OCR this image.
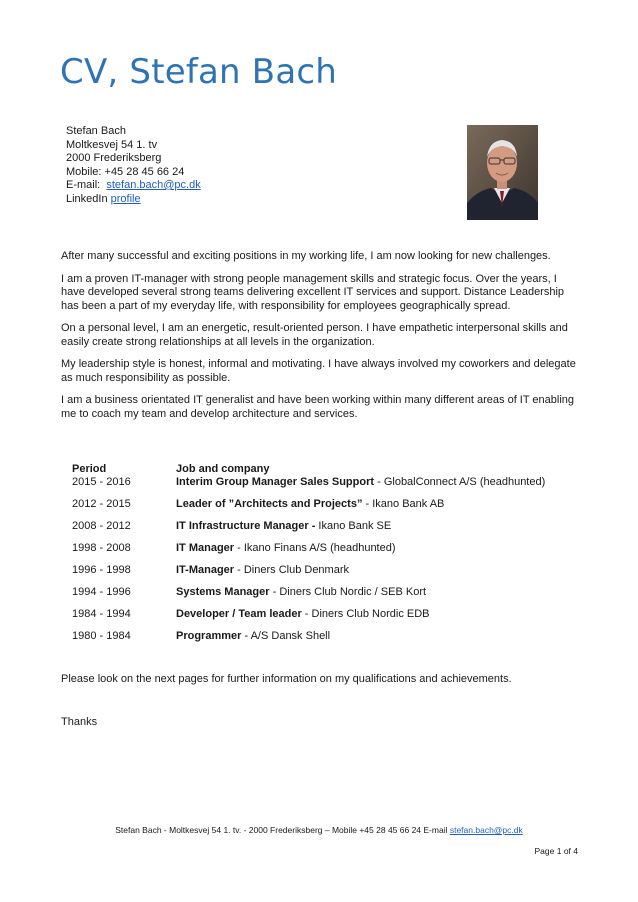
CV, Stefan Bach
Stefan Bach
Moltkesvej 54 1. tv
2000 Frederiksberg
Mobile: +45 28 45 66 24
E-mail: stefan.bach@pc.dk
LinkedIn profile

After many successful and exciting positions in my working life, I am now looking for new challenges.

I am a proven IT-manager with strong people management skills and strategic focus. Over the years, I have developed several strong teams delivering excellent IT services and support. Distance Leadership has been a part of my everyday life, with responsibility for employees geographically spread.

On a personal level, I am an energetic, result-oriented person. I have empathetic interpersonal skills and easily create strong relationships at all levels in the organization.

My leadership style is honest, informal and motivating. I have always involved my coworkers and delegate as much responsibility as possible.

I am a business orientated IT generalist and have been working within many different areas of IT enabling me to coach my team and develop architecture and services.

Period	Job and company
2015 - 2016	Interim Group Manager Sales Support - GlobalConnect A/S (headhunted)
2012 - 2015	Leader of ”Architects and Projects” - Ikano Bank AB
2008 - 2012	IT Infrastructure Manager - Ikano Bank SE
1998 - 2008	IT Manager - Ikano Finans A/S (headhunted)
1996 - 1998	IT-Manager - Diners Club Denmark
1994 - 1996	Systems Manager - Diners Club Nordic / SEB Kort
1984 - 1994	Developer / Team leader - Diners Club Nordic EDB
1980 - 1984	Programmer - A/S Dansk Shell
Please look on the next pages for further information on my qualifications and achievements.
Thanks
Stefan Bach - Moltkesvej 54 1. tv. - 2000 Frederiksberg – Mobile +45 28 45 66 24 E-mail stefan.bach@pc.dk
Page 1 of 4
